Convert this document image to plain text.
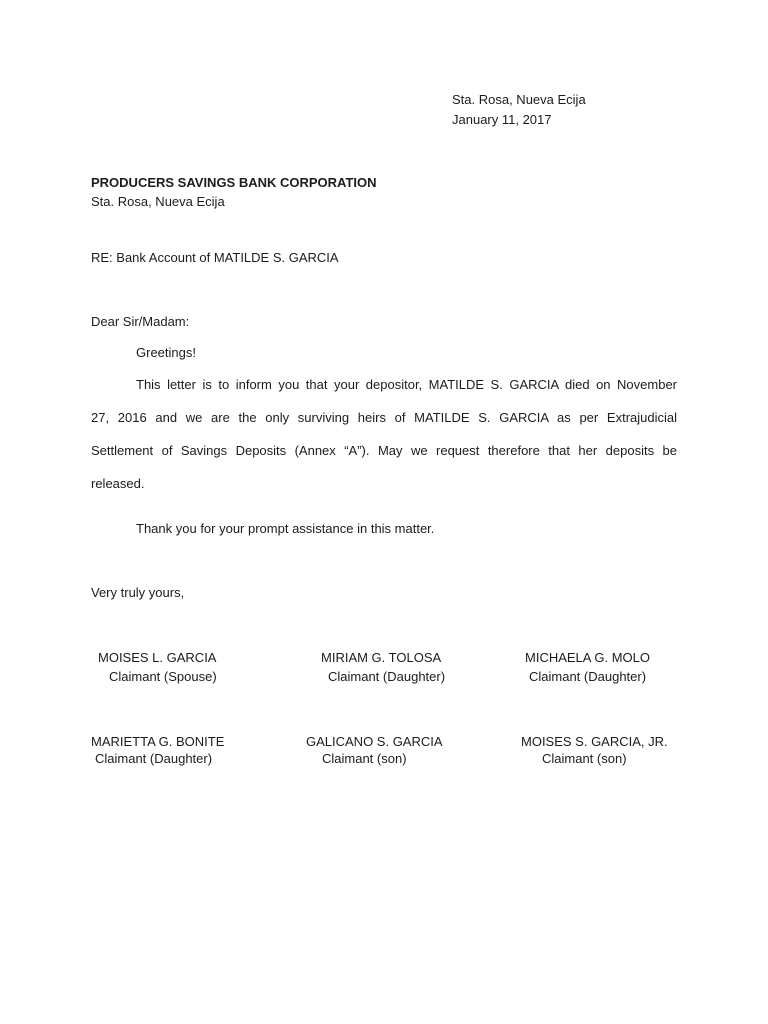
Sta. Rosa, Nueva Ecija
January 11, 2017
PRODUCERS SAVINGS BANK CORPORATION
Sta. Rosa, Nueva Ecija
RE: Bank Account of MATILDE S. GARCIA
Dear Sir/Madam:
Greetings!
This letter is to inform you that your depositor, MATILDE S. GARCIA died on November
27, 2016 and we are the only surviving heirs of MATILDE S. GARCIA as per Extrajudicial
Settlement of Savings Deposits (Annex “A”). May we request therefore that her deposits be
released.
Thank you for your prompt assistance in this matter.
Very truly yours,
MOISES L. GARCIA
Claimant (Spouse)
MIRIAM G. TOLOSA
Claimant (Daughter)
MICHAELA G. MOLO
Claimant (Daughter)
MARIETTA G. BONITE
Claimant (Daughter)
GALICANO S. GARCIA
Claimant (son)
MOISES S. GARCIA, JR.
Claimant (son)
